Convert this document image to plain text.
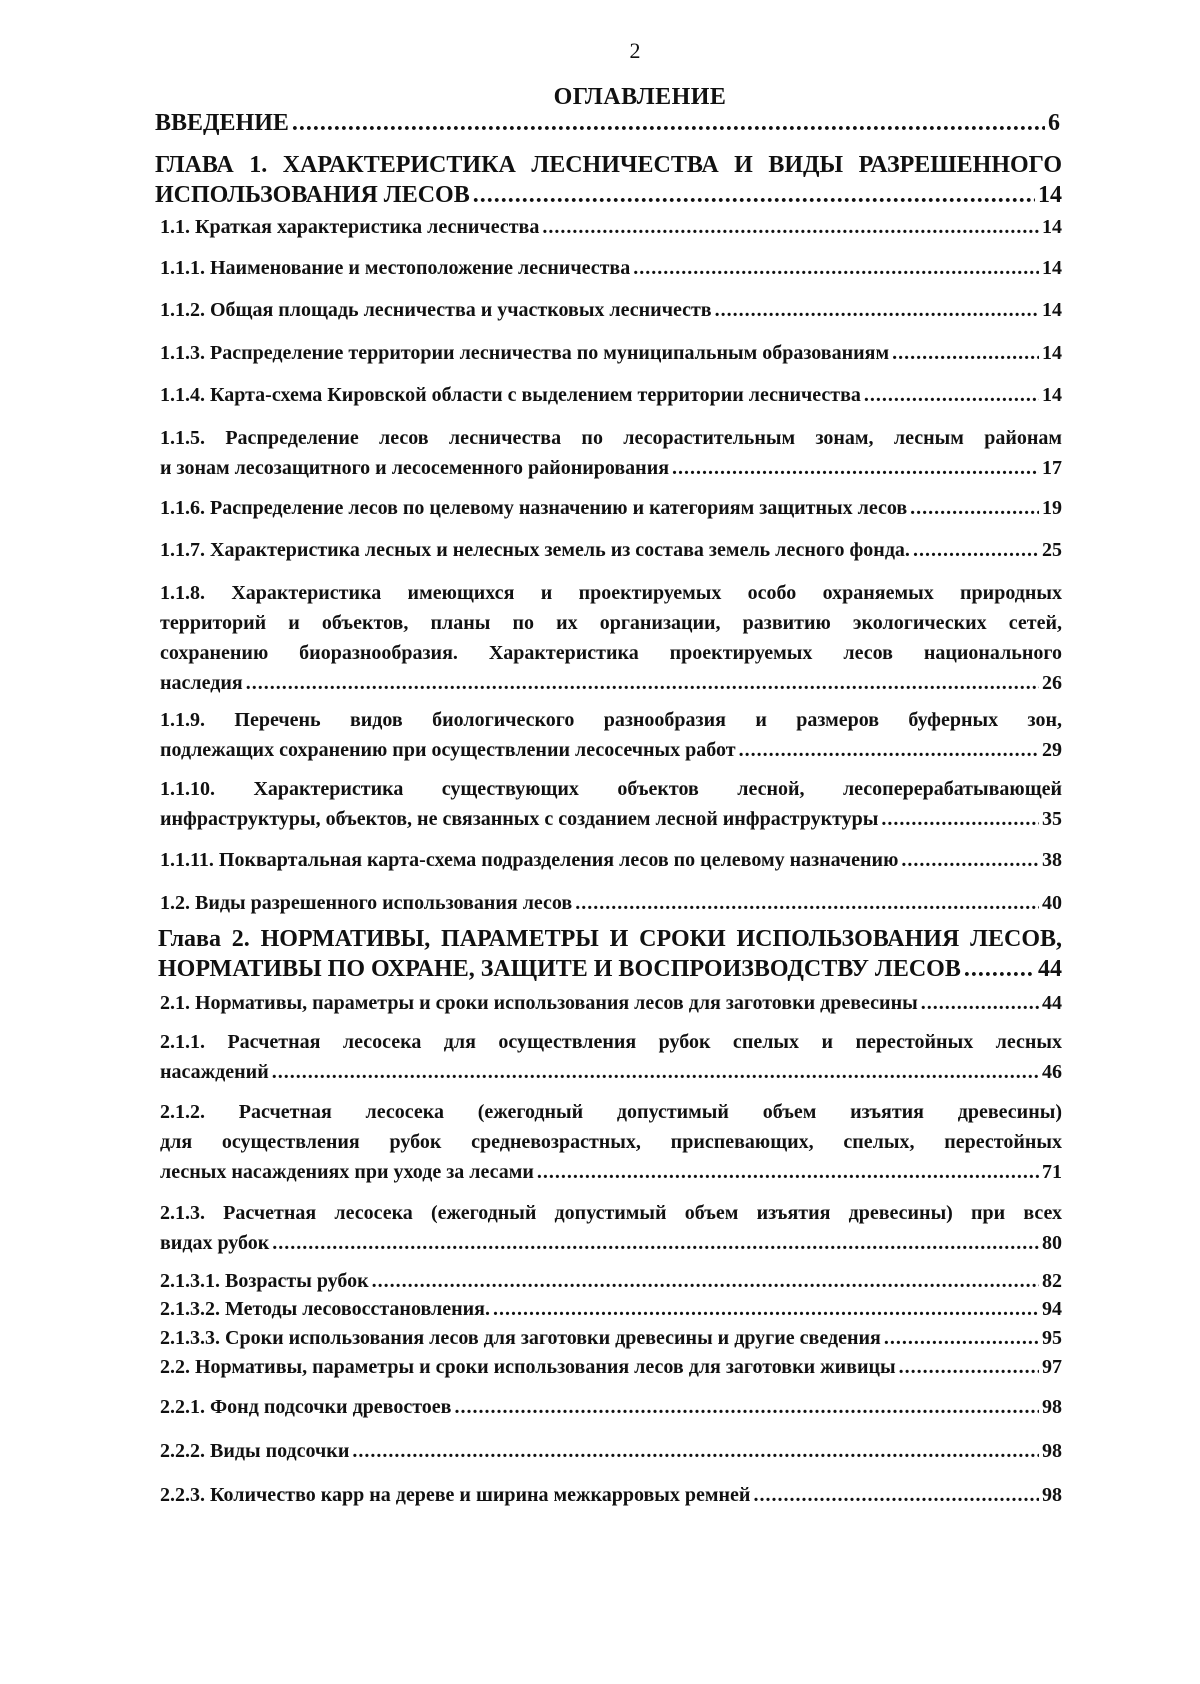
2
ОГЛАВЛЕНИЕ
ВВЕДЕНИЕ .....	6
ГЛАВА 1. ХАРАКТЕРИСТИКА ЛЕСНИЧЕСТВА И ВИДЫ РАЗРЕШЕННОГО
ИСПОЛЬЗОВАНИЯ ЛЕСОВ .....	14
1.1. Краткая характеристика лесничества .....	14
1.1.1. Наименование и местоположение лесничества .....	14
1.1.2. Общая площадь лесничества и участковых лесничеств .....	14
1.1.3. Распределение территории лесничества по муниципальным образованиям .....	14
1.1.4. Карта-схема Кировской области с выделением территории лесничества .....	14
1.1.5. Распределение лесов лесничества по лесорастительным зонам, лесным районам
и зонам лесозащитного и лесосеменного районирования .....	17
1.1.6. Распределение лесов по целевому назначению и категориям защитных лесов .....	19
1.1.7. Характеристика лесных и нелесных земель из состава земель лесного фонда. .....	25
1.1.8. Характеристика имеющихся и проектируемых особо охраняемых природных
территорий и объектов, планы по их организации, развитию экологических сетей,
сохранению биоразнообразия. Характеристика проектируемых лесов национального
наследия .....	26
1.1.9. Перечень видов биологического разнообразия и размеров буферных зон,
подлежащих сохранению при осуществлении лесосечных работ .....	29
1.1.10. Характеристика существующих объектов лесной, лесоперерабатывающей
инфраструктуры, объектов, не связанных с созданием лесной инфраструктуры .....	35
1.1.11. Поквартальная карта-схема подразделения лесов по целевому назначению .....	38
1.2. Виды разрешенного использования лесов .....	40
Глава 2. НОРМАТИВЫ, ПАРАМЕТРЫ И СРОКИ ИСПОЛЬЗОВАНИЯ ЛЕСОВ,
НОРМАТИВЫ ПО ОХРАНЕ, ЗАЩИТЕ И ВОСПРОИЗВОДСТВУ ЛЕСОВ .....	44
2.1. Нормативы, параметры и сроки использования лесов для заготовки древесины .....	44
2.1.1. Расчетная лесосека для осуществления рубок спелых и перестойных лесных
насаждений .....	46
2.1.2. Расчетная лесосека (ежегодный допустимый объем изъятия древесины)
для осуществления рубок средневозрастных, приспевающих, спелых, перестойных
лесных насаждениях при уходе за лесами .....	71
2.1.3. Расчетная лесосека (ежегодный допустимый объем изъятия древесины) при всех
видах рубок .....	80
2.1.3.1. Возрасты рубок .....	82
2.1.3.2. Методы лесовосстановления. .....	94
2.1.3.3. Сроки использования лесов для заготовки древесины и другие сведения .....	95
2.2. Нормативы, параметры и сроки использования лесов для заготовки живицы .....	97
2.2.1. Фонд подсочки древостоев .....	98
2.2.2. Виды подсочки .....	98
2.2.3. Количество карр на дереве и ширина межкарровых ремней .....	98
